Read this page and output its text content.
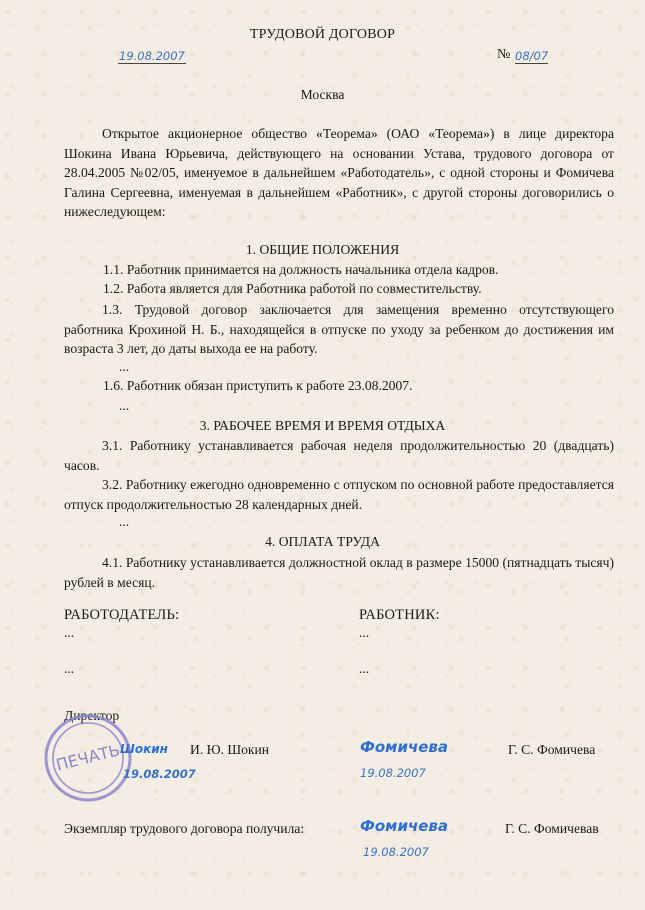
ТРУДОВОЙ ДОГОВОР
19.08.2007	№ 08/07
Москва
Открытое акционерное общество «Теорема» (ОАО «Теорема») в лице директора Шокина Ивана Юрьевича, действующего на основании Устава, трудового договора от 28.04.2005 №02/05, именуемое в дальнейшем «Работодатель», с одной стороны и Фомичева Галина Сергеевна, именуемая в дальнейшем «Работник», с другой стороны договорились о нижеследующем:
1. ОБЩИЕ ПОЛОЖЕНИЯ
1.1. Работник принимается на должность начальника отдела кадров.
1.2. Работа является для Работника работой по совместительству.
1.3. Трудовой договор заключается для замещения временно отсутствующего работника Крохиной Н. Б., находящейся в отпуске по уходу за ребенком до достижения им возраста 3 лет, до даты выхода ее на работу.
...
1.6. Работник обязан приступить к работе 23.08.2007.
...
3. РАБОЧЕЕ ВРЕМЯ И ВРЕМЯ ОТДЫХА
3.1. Работнику устанавливается рабочая неделя продолжительностью 20 (двадцать) часов.
3.2. Работнику ежегодно одновременно с отпуском по основной работе предоставляется отпуск продолжительностью 28 календарных дней.
...
4. ОПЛАТА ТРУДА
4.1. Работнику устанавливается должностной оклад в размере 15000 (пятнадцать тысяч) рублей в месяц.
РАБОТОДАТЕЛЬ:	РАБОТНИК:
...	...
...	...
Директор
ПЕЧАТЬ
Шокин И. Ю. Шокин
19.08.2007
Фомичева	Г. С. Фомичева
19.08.2007
Экземпляр трудового договора получила:	Фомичева	Г. С. Фомичевав
19.08.2007
